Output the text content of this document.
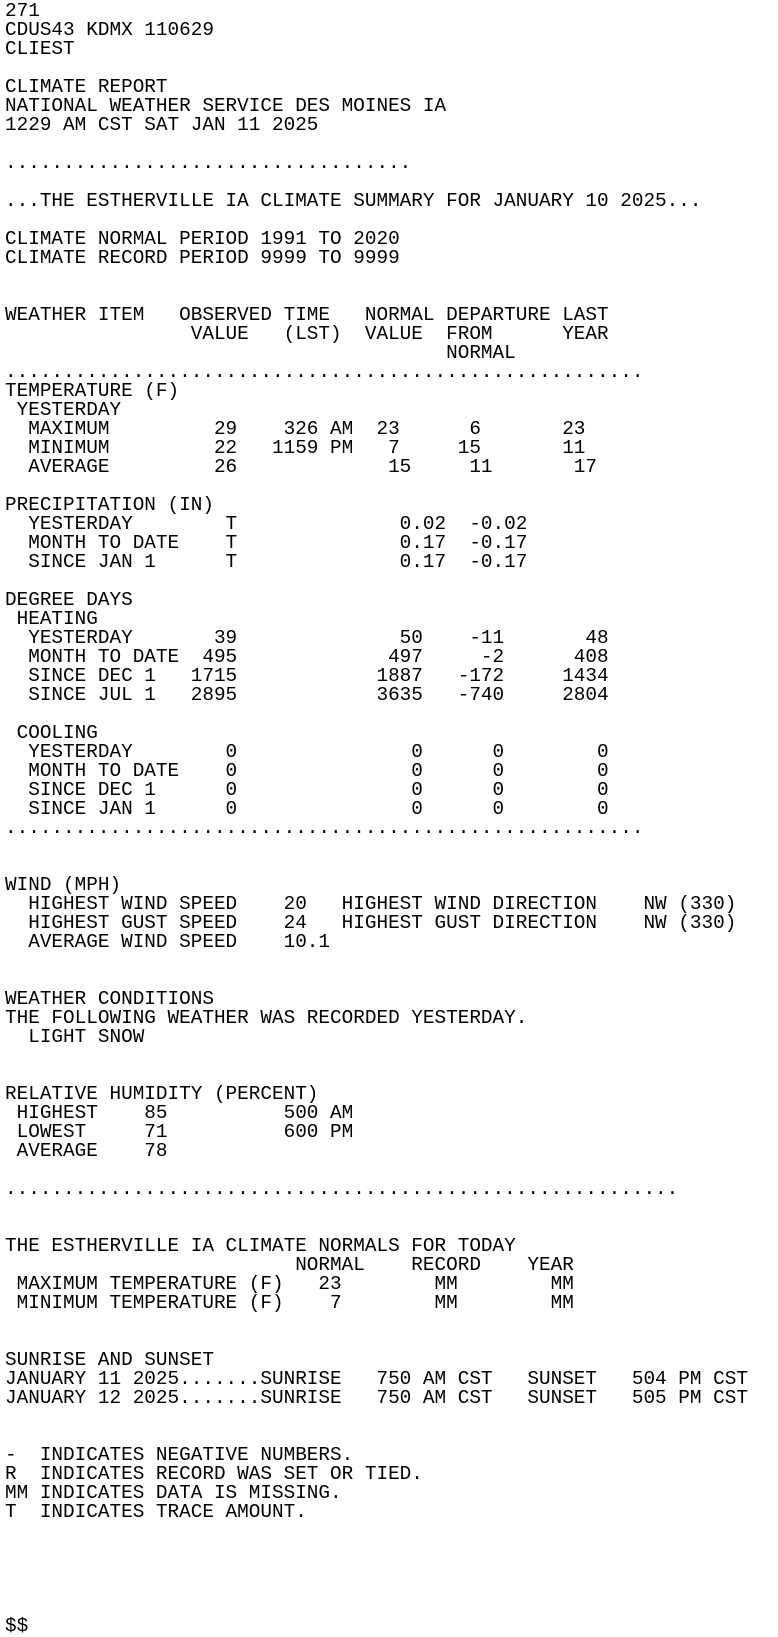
271
CDUS43 KDMX 110629
CLIEST
CLIMATE REPORT
NATIONAL WEATHER SERVICE DES MOINES IA
1229 AM CST SAT JAN 11 2025
...................................
...THE ESTHERVILLE IA CLIMATE SUMMARY FOR JANUARY 10 2025...
CLIMATE NORMAL PERIOD 1991 TO 2020
CLIMATE RECORD PERIOD 9999 TO 9999
WEATHER ITEM   OBSERVED TIME   NORMAL DEPARTURE LAST
VALUE   (LST)  VALUE  FROM      YEAR
NORMAL
.......................................................
TEMPERATURE (F)
YESTERDAY
MAXIMUM         29    326 AM  23      6       23
MINIMUM         22   1159 PM   7     15       11
AVERAGE         26             15     11       17
PRECIPITATION (IN)
YESTERDAY        T              0.02  -0.02
MONTH TO DATE    T              0.17  -0.17
SINCE JAN 1      T              0.17  -0.17
DEGREE DAYS
HEATING
YESTERDAY       39              50    -11       48
MONTH TO DATE  495             497     -2      408
SINCE DEC 1   1715            1887   -172     1434
SINCE JUL 1   2895            3635   -740     2804
COOLING
YESTERDAY        0               0      0        0
MONTH TO DATE    0               0      0        0
SINCE DEC 1      0               0      0        0
SINCE JAN 1      0               0      0        0
.......................................................
WIND (MPH)
HIGHEST WIND SPEED    20   HIGHEST WIND DIRECTION    NW (330)
HIGHEST GUST SPEED    24   HIGHEST GUST DIRECTION    NW (330)
AVERAGE WIND SPEED    10.1
WEATHER CONDITIONS
THE FOLLOWING WEATHER WAS RECORDED YESTERDAY.
LIGHT SNOW
RELATIVE HUMIDITY (PERCENT)
HIGHEST    85          500 AM
LOWEST     71          600 PM
AVERAGE    78
..........................................................
THE ESTHERVILLE IA CLIMATE NORMALS FOR TODAY
NORMAL    RECORD    YEAR
MAXIMUM TEMPERATURE (F)   23        MM        MM
MINIMUM TEMPERATURE (F)    7        MM        MM
SUNRISE AND SUNSET
JANUARY 11 2025.......SUNRISE   750 AM CST   SUNSET   504 PM CST
JANUARY 12 2025.......SUNRISE   750 AM CST   SUNSET   505 PM CST
-  INDICATES NEGATIVE NUMBERS.
R  INDICATES RECORD WAS SET OR TIED.
MM INDICATES DATA IS MISSING.
T  INDICATES TRACE AMOUNT.
$$
